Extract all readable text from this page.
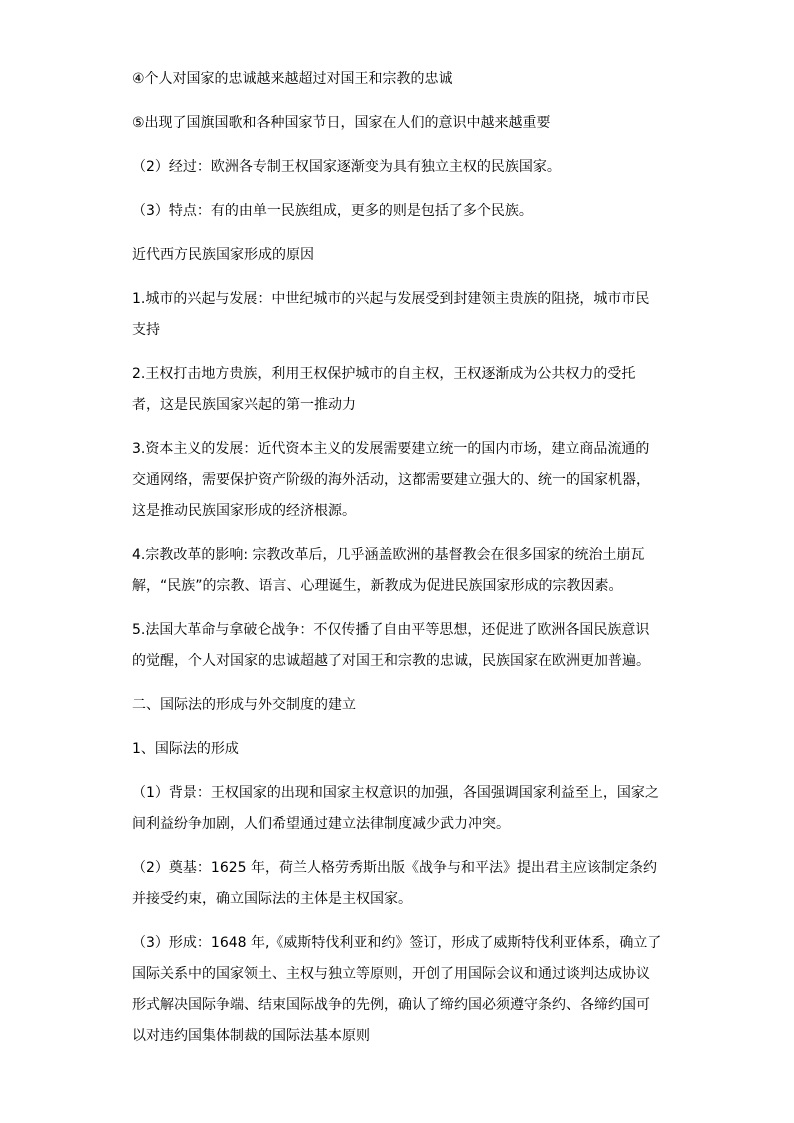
④个人对国家的忠诚越来越超过对国王和宗教的忠诚

⑤出现了国旗国歌和各种国家节日，国家在人们的意识中越来越重要

（2）经过：欧洲各专制王权国家逐渐变为具有独立主权的民族国家。

（3）特点：有的由单一民族组成，更多的则是包括了多个民族。

近代西方民族国家形成的原因

1.城市的兴起与发展：中世纪城市的兴起与发展受到封建领主贵族的阻挠，城市市民支持

2.王权打击地方贵族，利用王权保护城市的自主权，王权逐渐成为公共权力的受托者，这是民族国家兴起的第一推动力

3.资本主义的发展：近代资本主义的发展需要建立统一的国内市场，建立商品流通的交通网络，需要保护资产阶级的海外活动，这都需要建立强大的、统一的国家机器，这是推动民族国家形成的经济根源。

4.宗教改革的影响: 宗教改革后，几乎涵盖欧洲的基督教会在很多国家的统治土崩瓦解，“民族”的宗教、语言、心理诞生，新教成为促进民族国家形成的宗教因素。

5.法国大革命与拿破仑战争：不仅传播了自由平等思想，还促进了欧洲各国民族意识的觉醒，个人对国家的忠诚超越了对国王和宗教的忠诚，民族国家在欧洲更加普遍。

二、国际法的形成与外交制度的建立

1、国际法的形成

（1）背景：王权国家的出现和国家主权意识的加强，各国强调国家利益至上，国家之间利益纷争加剧，人们希望通过建立法律制度减少武力冲突。

（2）奠基：1625 年，荷兰人格劳秀斯出版《战争与和平法》提出君主应该制定条约并接受约束，确立国际法的主体是主权国家。

（3）形成：1648 年,《威斯特伐利亚和约》签订，形成了威斯特伐利亚体系，确立了国际关系中的国家领土、主权与独立等原则，开创了用国际会议和通过谈判达成协议形式解决国际争端、结束国际战争的先例，确认了缔约国必须遵守条约、各缔约国可以对违约国集体制裁的国际法基本原则
